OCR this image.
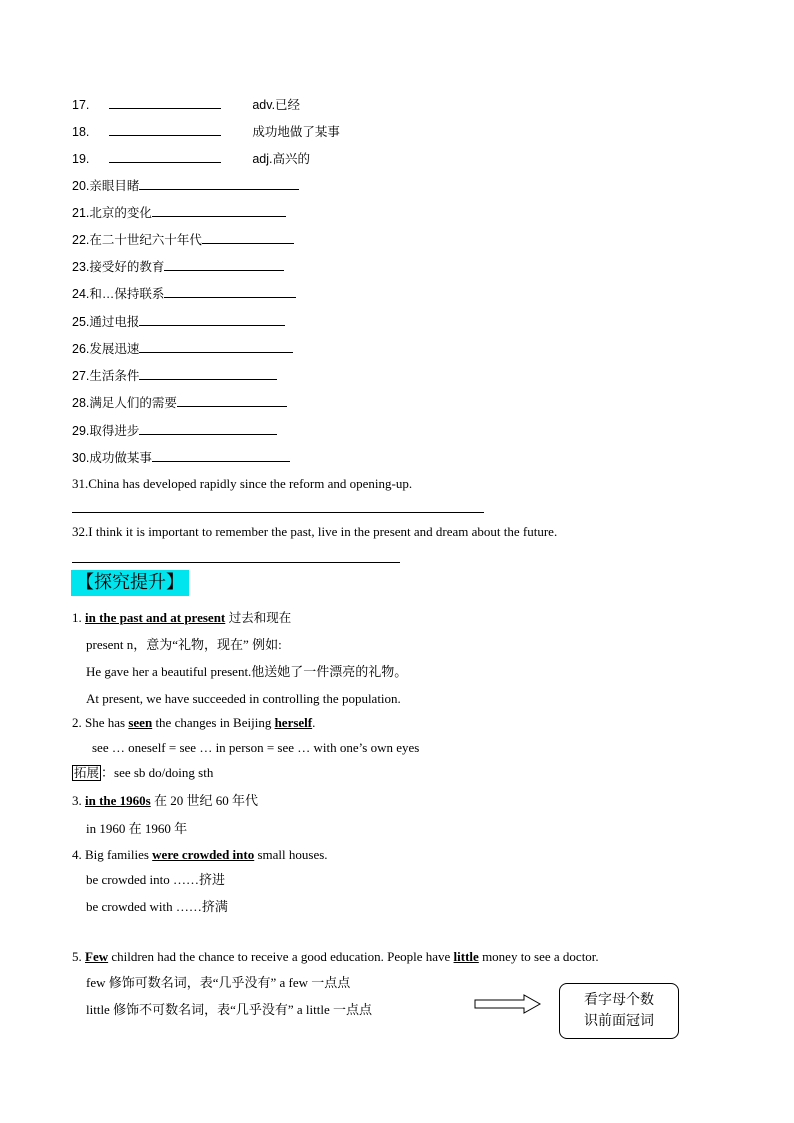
17.	adv.已经
18.	成功地做了某事
19.	adj.高兴的
20.亲眼目睹
21.北京的变化
22.在二十世纪六十年代
23.接受好的教育
24.和…保持联系
25.通过电报
26.发展迅速
27.生活条件
28.满足人们的需要
29.取得进步
30.成功做某事
31.China has developed rapidly since the reform and opening-up.
32.I think it is important to remember the past, live in the present and dream about the future.
【探究提升】
1. in the past and at present 过去和现在
present n，意为“礼物，现在” 例如:
He gave her a beautiful present.他送她了一件漂亮的礼物。
At present, we have succeeded in controlling the population.
2. She has seen the changes in Beijing herself.
see … oneself = see … in person = see … with one’s own eyes
拓展 ：see sb do/doing sth
3. in the 1960s 在 20 世纪 60 年代
in 1960 在 1960 年
4. Big families were crowded into small houses.
be crowded into ……挤进
be crowded with ……挤满
5. Few children had the chance to receive a good education. People have little money to see a doctor.
few 修饰可数名词，表“几乎没有” a few 一点点
little 修饰不可数名词，表“几乎没有” a little 一点点
看字母个数
识前面冠词
